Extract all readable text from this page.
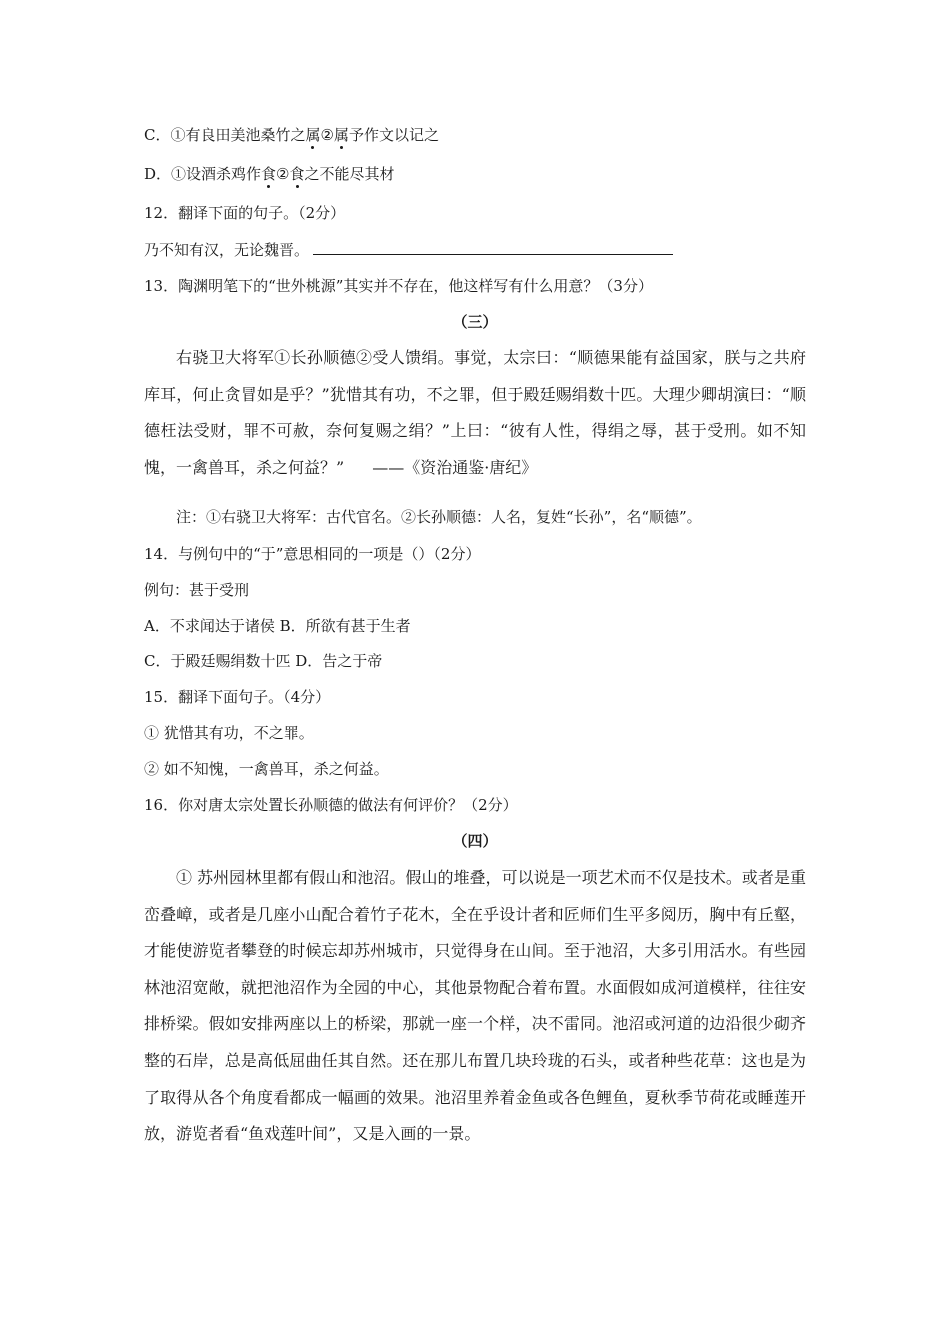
C．①有良田美池桑竹之属②属予作文以记之
D．①设酒杀鸡作食②食之不能尽其材
12．翻译下面的句子。（2分）
乃不知有汉，无论魏晋。
13．陶渊明笔下的“世外桃源”其实并不存在，他这样写有什么用意？（3分）
（三）
右骁卫大将军①长孙顺德②受人馈绢。事觉，太宗曰：“顺德果能有益国家，朕与之共府库耳，何止贪冒如是乎？”犹惜其有功，不之罪，但于殿廷赐绢数十匹。大理少卿胡演曰：“顺德枉法受财，罪不可赦，奈何复赐之绢？”上曰：“彼有人性，得绢之辱，甚于受刑。如不知愧，一禽兽耳，杀之何益？” ——《资治通鉴·唐纪》
注：①右骁卫大将军：古代官名。②长孙顺德：人名，复姓“长孙”，名“顺德”。
14．与例句中的“于”意思相同的一项是（）（2分）
例句：甚于受刑
A．不求闻达于诸侯 B．所欲有甚于生者
C．于殿廷赐绢数十匹 D．告之于帝
15．翻译下面句子。（4分）
① 犹惜其有功，不之罪。
② 如不知愧，一禽兽耳，杀之何益。
16．你对唐太宗处置长孙顺德的做法有何评价？（2分）
（四）
① 苏州园林里都有假山和池沼。假山的堆叠，可以说是一项艺术而不仅是技术。或者是重峦叠嶂，或者是几座小山配合着竹子花木，全在乎设计者和匠师们生平多阅历，胸中有丘壑，才能使游览者攀登的时候忘却苏州城市，只觉得身在山间。至于池沼，大多引用活水。有些园林池沼宽敞，就把池沼作为全园的中心，其他景物配合着布置。水面假如成河道模样，往往安排桥梁。假如安排两座以上的桥梁，那就一座一个样，决不雷同。池沼或河道的边沿很少砌齐整的石岸，总是高低屈曲任其自然。还在那儿布置几块玲珑的石头，或者种些花草：这也是为了取得从各个角度看都成一幅画的效果。池沼里养着金鱼或各色鲤鱼，夏秋季节荷花或睡莲开放，游览者看“鱼戏莲叶间”，又是入画的一景。
